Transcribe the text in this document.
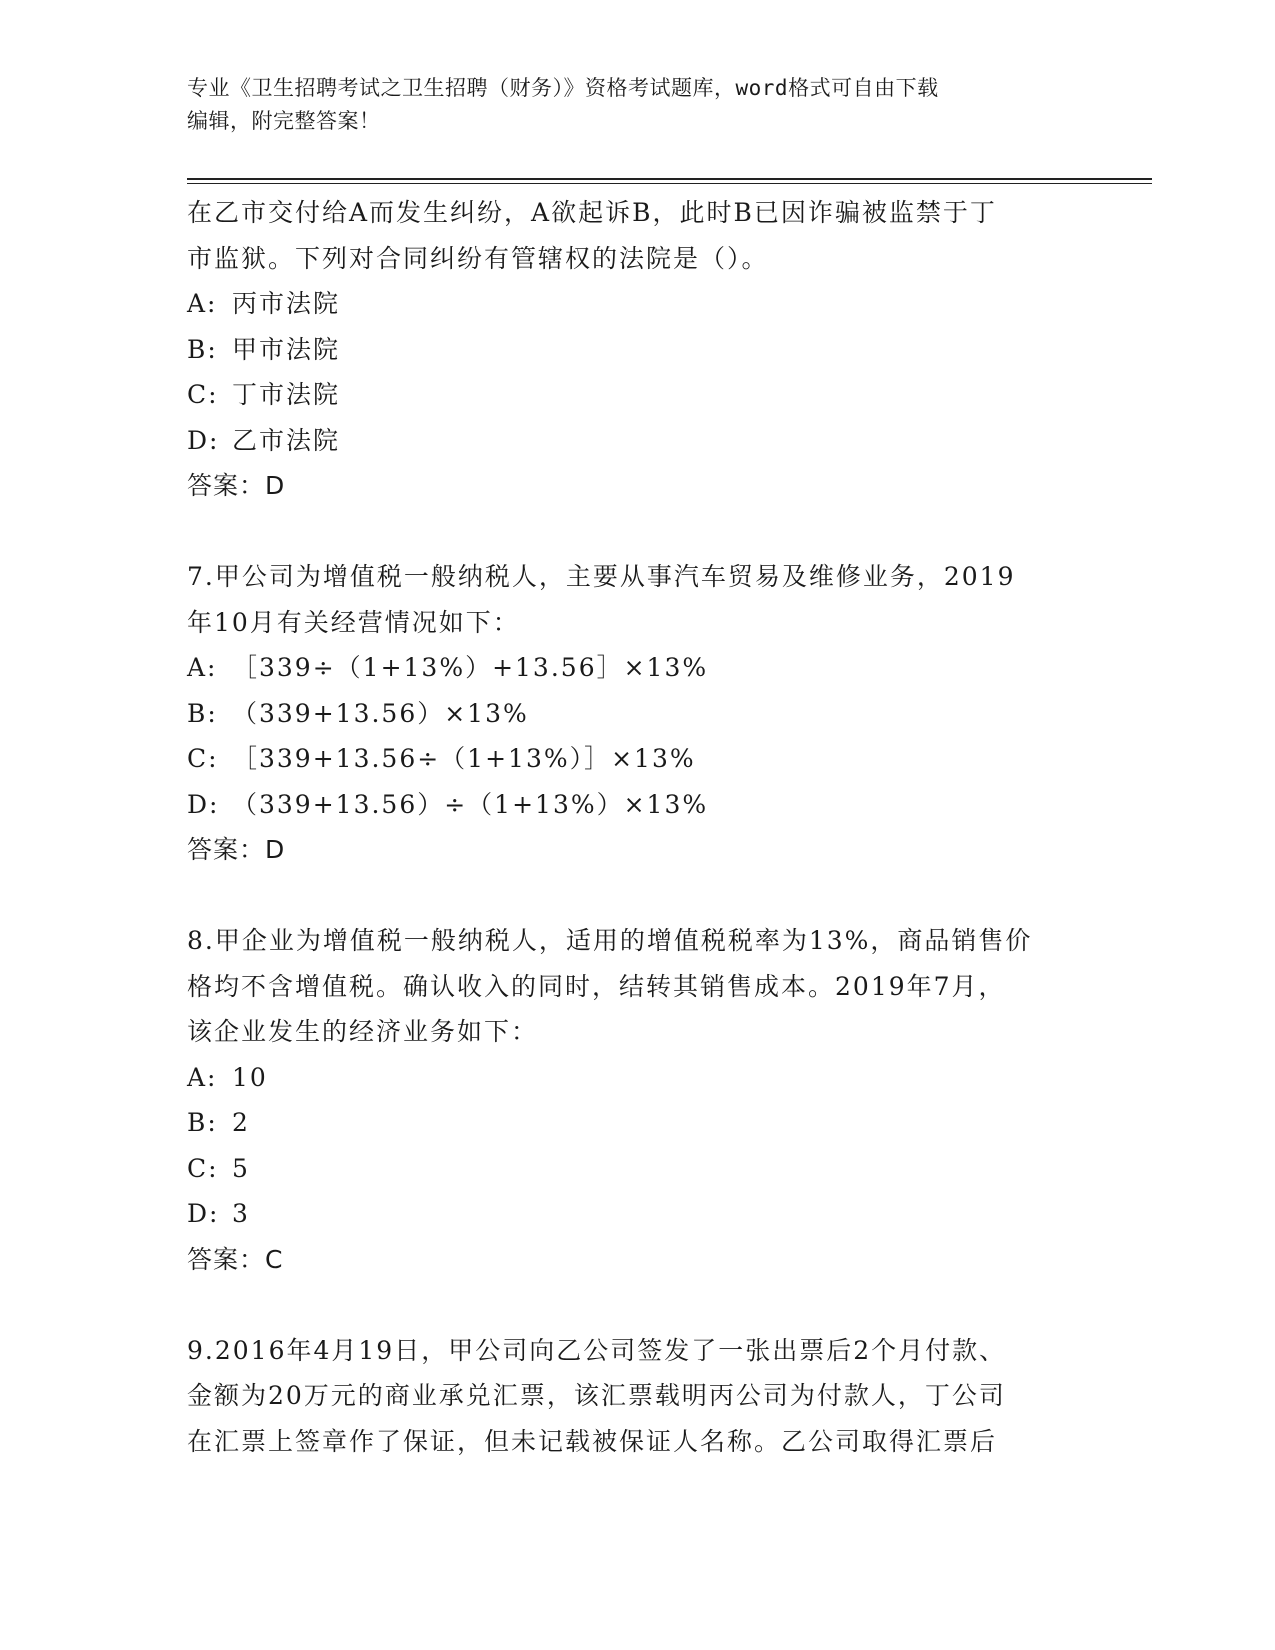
专业《卫生招聘考试之卫生招聘（财务）》资格考试题库，word格式可自由下载
编辑，附完整答案！
在乙市交付给A而发生纠纷，A欲起诉B，此时B已因诈骗被监禁于丁
市监狱。下列对合同纠纷有管辖权的法院是（）。
A: 丙市法院
B: 甲市法院
C: 丁市法院
D: 乙市法院
答案：D
7.甲公司为增值税一般纳税人，主要从事汽车贸易及维修业务，2019
年10月有关经营情况如下：
A: ［339÷（1+13%）+13.56］×13%
B: （339+13.56）×13%
C: ［339+13.56÷（1+13%）］×13%
D: （339+13.56）÷（1+13%）×13%
答案：D
8.甲企业为增值税一般纳税人，适用的增值税税率为13%，商品销售价
格均不含增值税。确认收入的同时，结转其销售成本。2019年7月，
该企业发生的经济业务如下：
A: 10
B: 2
C: 5
D: 3
答案：C
9.2016年4月19日，甲公司向乙公司签发了一张出票后2个月付款、
金额为20万元的商业承兑汇票，该汇票载明丙公司为付款人，丁公司
在汇票上签章作了保证，但未记载被保证人名称。乙公司取得汇票后
